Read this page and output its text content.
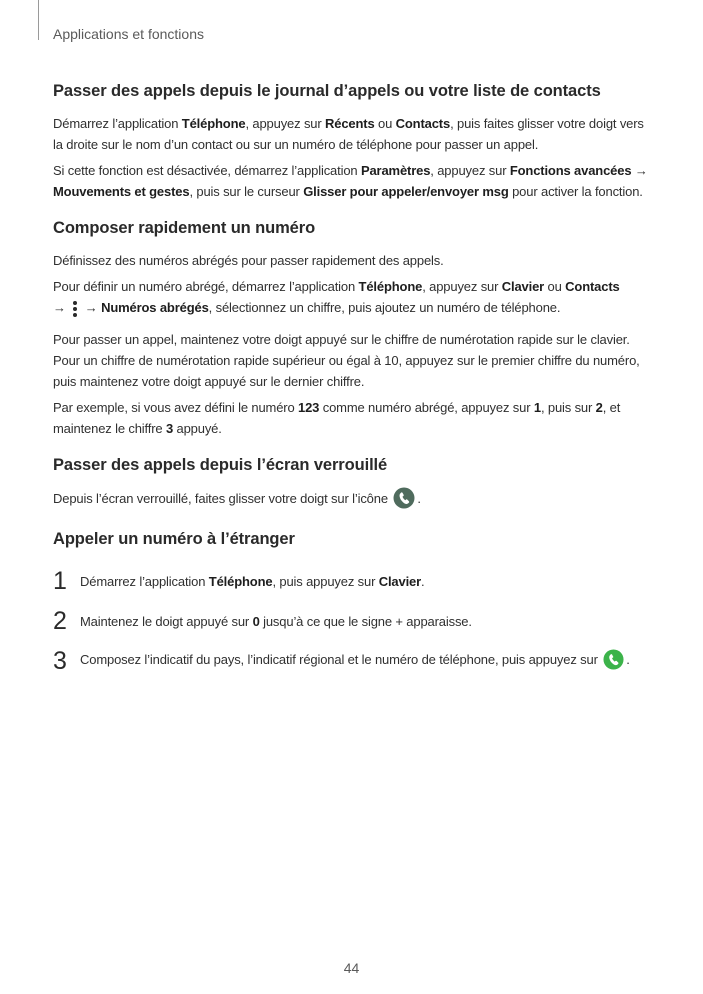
Applications et fonctions
Passer des appels depuis le journal d’appels ou votre liste de contacts

Démarrez l’application Téléphone, appuyez sur Récents ou Contacts, puis faites glisser votre doigt vers la droite sur le nom d’un contact ou sur un numéro de téléphone pour passer un appel.

Si cette fonction est désactivée, démarrez l’application Paramètres, appuyez sur Fonctions avancées → Mouvements et gestes, puis sur le curseur Glisser pour appeler/envoyer msg pour activer la fonction.

Composer rapidement un numéro

Définissez des numéros abrégés pour passer rapidement des appels.

Pour définir un numéro abrégé, démarrez l’application Téléphone, appuyez sur Clavier ou Contacts
→  → Numéros abrégés, sélectionnez un chiffre, puis ajoutez un numéro de téléphone.

Pour passer un appel, maintenez votre doigt appuyé sur le chiffre de numérotation rapide sur le clavier. Pour un chiffre de numérotation rapide supérieur ou égal à 10, appuyez sur le premier chiffre du numéro, puis maintenez votre doigt appuyé sur le dernier chiffre.

Par exemple, si vous avez défini le numéro 123 comme numéro abrégé, appuyez sur 1, puis sur 2, et maintenez le chiffre 3 appuyé.

Passer des appels depuis l’écran verrouillé

Depuis l’écran verrouillé, faites glisser votre doigt sur l’icône .

Appeler un numéro à l’étranger
1	Démarrez l’application Téléphone, puis appuyez sur Clavier.
2	Maintenez le doigt appuyé sur 0 jusqu’à ce que le signe + apparaisse.
3	Composez l’indicatif du pays, l’indicatif régional et le numéro de téléphone, puis appuyez sur .
44
